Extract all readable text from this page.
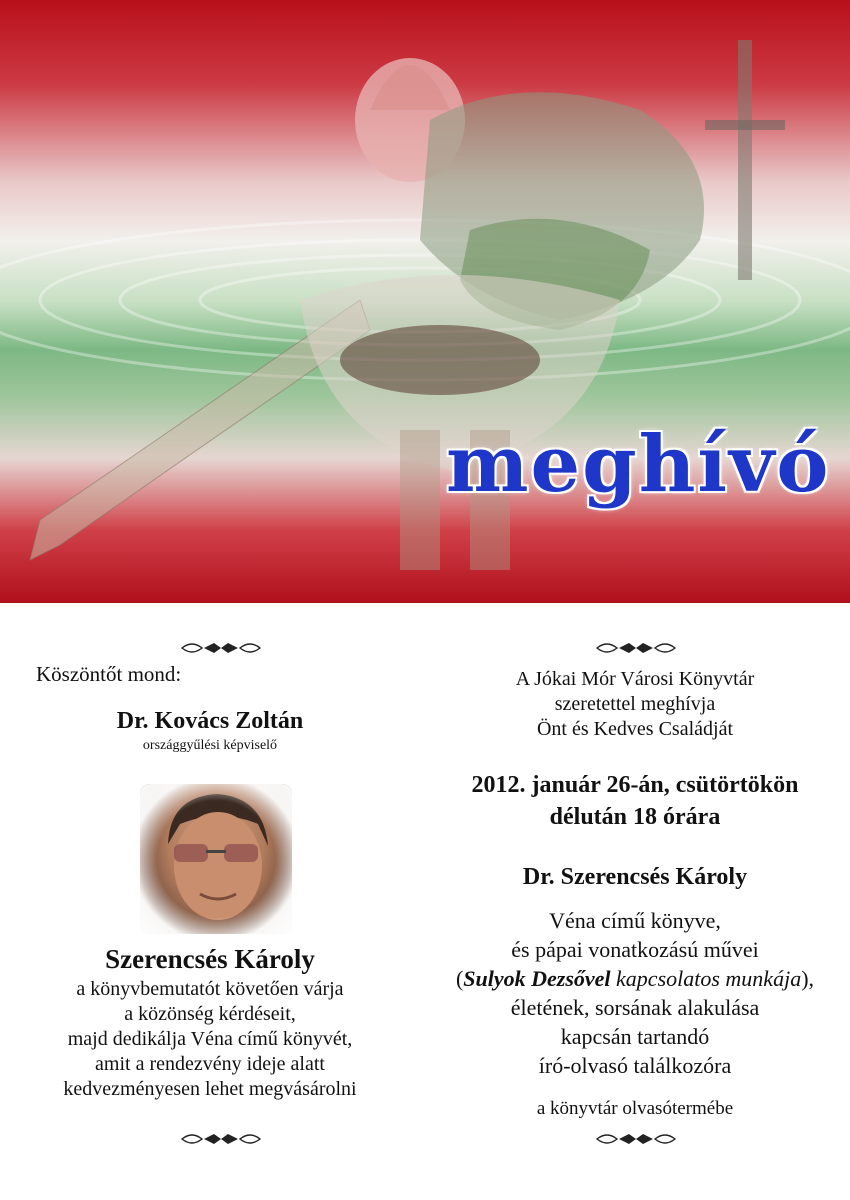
meghívó
Köszöntőt mond:
Dr. Kovács Zoltán
országgyűlési képviselő
Szerencsés Károly
a könyvbemutatót követően várja
a közönség kérdéseit,
majd dedikálja Véna című könyvét,
amit a rendezvény ideje alatt
kedvezményesen lehet megvásárolni
A Jókai Mór Városi Könyvtár
szeretettel meghívja
Önt és Kedves Családját
2012. január 26-án, csütörtökön
délután 18 órára
Dr. Szerencsés Károly
Véna című könyve,
és pápai vonatkozású művei
(Sulyok Dezsővel kapcsolatos munkája),
életének, sorsának alakulása
kapcsán tartandó
író-olvasó találkozóra
a könyvtár olvasótermébe
